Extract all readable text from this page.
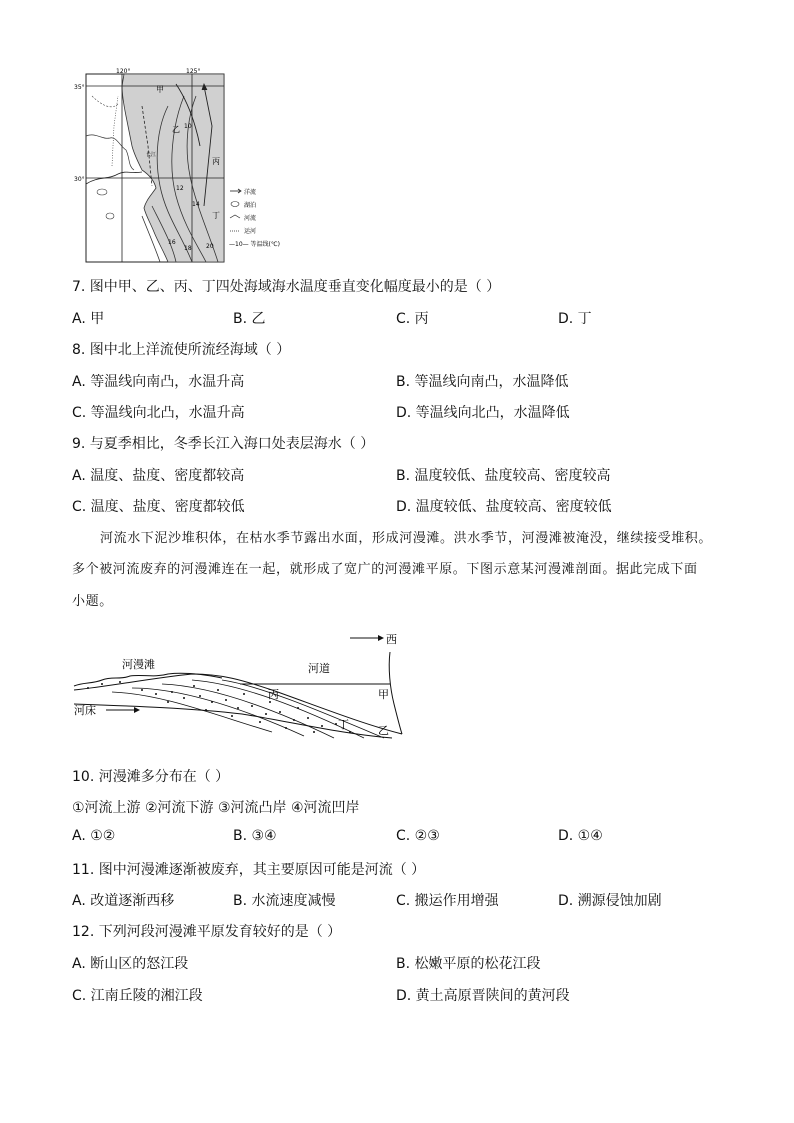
120°	125°
35°
30°
甲
乙
丙
丁
长江
10
12
14
16
18 20
洋流
湖泊
河流
运河
—10— 等温线(℃)
7. 图中甲、乙、丙、丁四处海域海水温度垂直变化幅度最小的是（ ）
A. 甲	B. 乙	C. 丙	D. 丁
8. 图中北上洋流使所流经海域（ ）
A. 等温线向南凸，水温升高	B. 等温线向南凸，水温降低
C. 等温线向北凸，水温升高	D. 等温线向北凸，水温降低
9. 与夏季相比，冬季长江入海口处表层海水（ ）
A. 温度、盐度、密度都较高	B. 温度较低、盐度较高、密度较高
C. 温度、盐度、密度都较低	D. 温度较低、盐度较高、密度较低
河流水下泥沙堆积体，在枯水季节露出水面，形成河漫滩。洪水季节，河漫滩被淹没，继续接受堆积。
多个被河流废弃的河漫滩连在一起，就形成了宽广的河漫滩平原。下图示意某河漫滩剖面。据此完成下面
小题。
西
河漫滩	河道
河床
甲
乙
丙
丁
10. 河漫滩多分布在（ ）
①河流上游 ②河流下游 ③河流凸岸 ④河流凹岸
A. ①②	B. ③④	C. ②③	D. ①④
11. 图中河漫滩逐渐被废弃，其主要原因可能是河流（ ）
A. 改道逐渐西移	B. 水流速度减慢	C. 搬运作用增强	D. 溯源侵蚀加剧
12. 下列河段河漫滩平原发育较好的是（ ）
A. 断山区的怒江段	B. 松嫩平原的松花江段
C. 江南丘陵的湘江段	D. 黄土高原晋陕间的黄河段
